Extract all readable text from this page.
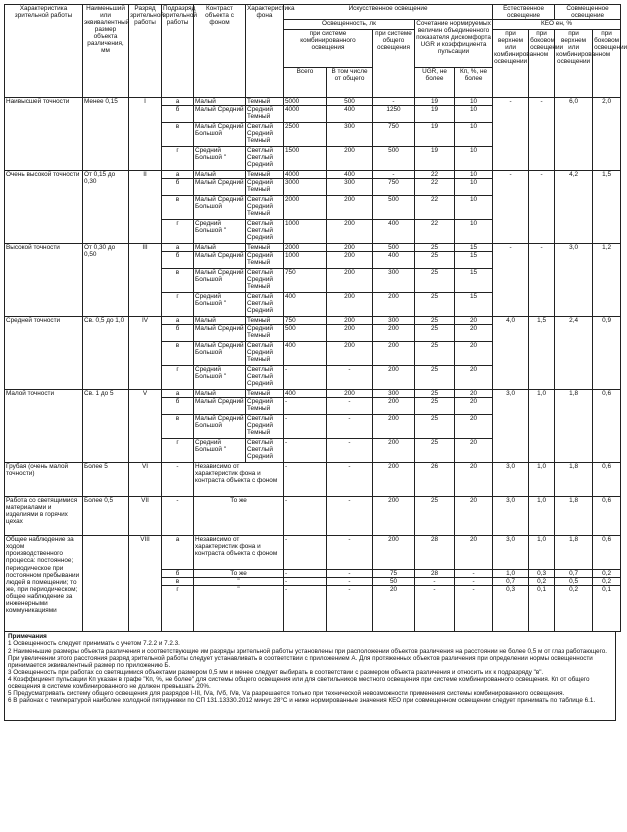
Характеристика зрительной работы	Наименьший или эквивалентный размер объекта различения, мм	Разряд зрительной работы	Подразряд зрительной работы	Контраст объекта с фоном	Характеристика фона	Искусственное освещение					Естественное освещение		Совмещенное освещение	
						Освещенность, лк			Сочетание нормируемых величин объединенного показателя дискомфорта UGR и коэффициента пульсации		КЕО ен, %			
						при системе комбинированного освещения		при системе общего освещения			при верхнем или комбинированном освещении	при боковом освещении	при верхнем или комбинированном освещении	при боковом освещении
						Всего	В том числе от общего		UGR, не более	Кп, %, не более				
Наивысшей точности	Менее 0,15	I	а	Малый	Темный	5000	500	-	19	10	-	-	6,0	2,0
			б	Малый Средний	Средний Темный	4000	400	1250	19	10				
			в	Малый Средний Большой	Светлый Средний Темный	2500	300	750	19	10				
			г	Средний Большой "	Светлый Светлый Средний	1500	200	500	19	10				
Очень высокой точности	От 0,15 до 0,30	II	а	Малый	Темный	4000	400	-	22	10	-	-	4,2	1,5
			б	Малый Средний	Средний Темный	3000	300	750	22	10				
			в	Малый Средний Большой	Светлый Средний Темный	2000	200	500	22	10				
			г	Средний Большой "	Светлый Светлый Средний	1000	200	400	22	10				
Высокой точности	От 0,30 до 0,50	III	а	Малый	Темный	2000	200	500	25	15	-	-	3,0	1,2
			б	Малый Средний	Средний Темный	1000	200	400	25	15				
			в	Малый Средний Большой	Светлый Средний Темный	750	200	300	25	15				
			г	Средний Большой "	Светлый Светлый Средний	400	200	200	25	15				
Средней точности	Св. 0,5 до 1,0	IV	а	Малый	Темный	750	200	300	25	20	4,0	1,5	2,4	0,9
			б	Малый Средний	Средний Темный	500	200	200	25	20				
			в	Малый Средний Большой	Светлый Средний Темный	400	200	200	25	20				
			г	Средний Большой "	Светлый Светлый Средний	-	-	200	25	20				
Малой точности	Св. 1 до 5	V	а	Малый	Темный	400	200	300	25	20	3,0	1,0	1,8	0,6
			б	Малый Средний	Средний Темный	-	-	200	25	20				
			в	Малый Средний Большой	Светлый Средний Темный	-	-	200	25	20				
			г	Средний Большой "	Светлый Светлый Средний	-	-	200	25	20				
Грубая (очень малой точности)	Более 5	VI	-	Независимо от характеристик фона и контраста объекта с фоном		-	-	200	26	20	3,0	1,0	1,8	0,6
Работа со светящимися материалами и изделиями в горячих цехах	Более 0,5	VII	-	То же		-	-	200	25	20	3,0	1,0	1,8	0,6
Общее наблюдение за ходом производственного процесса: постоянное; периодическое при постоянном пребывании людей в помещении; то же, при периодическом; общее наблюдение за инженерными коммуникациями		VIII	а	Независимо от характеристик фона и контраста объекта с фоном		-	-	200	28	20	3,0	1,0	1,8	0,6
			б	То же		-	-	75	28	-	1,0	0,3	0,7	0,2
			в	"		-	-	50	-	-	0,7	0,2	0,5	0,2
			г	"		-	-	20	-	-	0,3	0,1	0,2	0,1

Примечания

1 Освещенность следует принимать с учетом 7.2.2 и 7.2.3.

2 Наименьшие размеры объекта различения и соответствующие им разряды зрительной работы установлены при расположении объектов различения на расстоянии не более 0,5 м от глаз работающего. При увеличении этого расстояния разряд зрительной работы следует устанавливать в соответствии с приложением А. Для протяженных объектов различения при определении нормы освещенности принимается эквивалентный размер по приложению Б.

3 Освещенность при работах со светящимися объектами размером 0,5 мм и менее следует выбирать в соответствии с размером объекта различения и относить их к подразряду "в".

4 Коэффициент пульсации Кп указан в графе "Кп, %, не более" для системы общего освещения или для светильников местного освещения при системе комбинированного освещения. Кп от общего освещения в системе комбинированного не должен превышать 20%.

5 Предусматривать систему общего освещения для разрядов I-III, IVа, IVб, IVв, Vа разрешается только при технической невозможности применения системы комбинированного освещения.

6 В районах с температурой наиболее холодной пятидневки по СП 131.13330.2012 минус 28°С и ниже нормированные значения КЕО при совмещенном освещении следует принимать по таблице 6.1.
